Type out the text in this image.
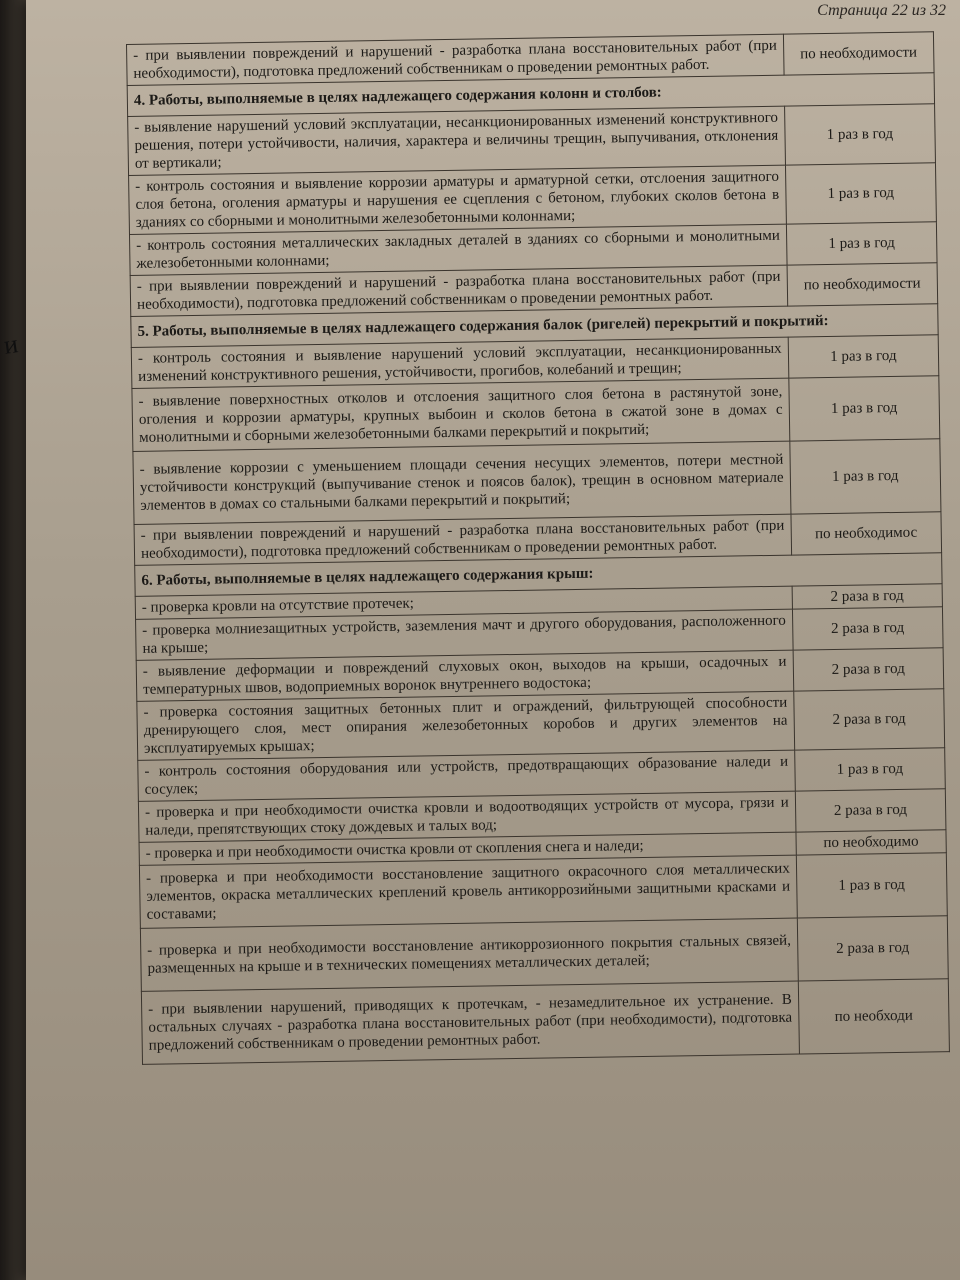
и
Страница 22 из 32
- при выявлении повреждений и нарушений - разработка плана восстановительных работ (при необходимости), подготовка предложений собственникам о проведении ремонтных работ.	по необходимости
4. Работы, выполняемые в целях надлежащего содержания колонн и столбов:	
- выявление нарушений условий эксплуатации, несанкционированных изменений конструктивного решения, потери устойчивости, наличия, характера и величины трещин, выпучивания, отклонения от вертикали;	1 раз в год
- контроль состояния и выявление коррозии арматуры и арматурной сетки, отслоения защитного слоя бетона, оголения арматуры и нарушения ее сцепления с бетоном, глубоких сколов бетона в зданиях со сборными и монолитными железобетонными колоннами;	1 раз в год
- контроль состояния металлических закладных деталей в зданиях со сборными и монолитными железобетонными колоннами;	1 раз в год
- при выявлении повреждений и нарушений - разработка плана восстановительных работ (при необходимости), подготовка предложений собственникам о проведении ремонтных работ.	по необходимости
5. Работы, выполняемые в целях надлежащего содержания балок (ригелей) перекрытий и покрытий:	
- контроль состояния и выявление нарушений условий эксплуатации, несанкционированных изменений конструктивного решения, устойчивости, прогибов, колебаний и трещин;	1 раз в год
- выявление поверхностных отколов и отслоения защитного слоя бетона в растянутой зоне, оголения и коррозии арматуры, крупных выбоин и сколов бетона в сжатой зоне в домах с монолитными и сборными железобетонными балками перекрытий и покрытий;	1 раз в год
- выявление коррозии с уменьшением площади сечения несущих элементов, потери местной устойчивости конструкций (выпучивание стенок и поясов балок), трещин в основном материале элементов в домах со стальными балками перекрытий и покрытий;	1 раз в год
- при выявлении повреждений и нарушений - разработка плана восстановительных работ (при необходимости), подготовка предложений собственникам о проведении ремонтных работ.	по необходимос
6. Работы, выполняемые в целях надлежащего содержания крыш:	
- проверка кровли на отсутствие протечек;	2 раза в год
- проверка молниезащитных устройств, заземления мачт и другого оборудования, расположенного на крыше;	2 раза в год
- выявление деформации и повреждений слуховых окон, выходов на крыши, осадочных и температурных швов, водоприемных воронок внутреннего водостока;	2 раза в год
- проверка состояния защитных бетонных плит и ограждений, фильтрующей способности дренирующего слоя, мест опирания железобетонных коробов и других элементов на эксплуатируемых крышах;	2 раза в год
- контроль состояния оборудования или устройств, предотвращающих образование наледи и сосулек;	1 раз в год
- проверка и при необходимости очистка кровли и водоотводящих устройств от мусора, грязи и наледи, препятствующих стоку дождевых и талых вод;	2 раза в год
- проверка и при необходимости очистка кровли от скопления снега и наледи;	по необходимо
- проверка и при необходимости восстановление защитного окрасочного слоя металлических элементов, окраска металлических креплений кровель антикоррозийными защитными красками и составами;	1 раз в год
- проверка и при необходимости восстановление антикоррозионного покрытия стальных связей, размещенных на крыше и в технических помещениях металлических деталей;	2 раза в год
- при выявлении нарушений, приводящих к протечкам, - незамедлительное их устранение. В остальных случаях - разработка плана восстановительных работ (при необходимости), подготовка предложений собственникам о проведении ремонтных работ.	по необходи
